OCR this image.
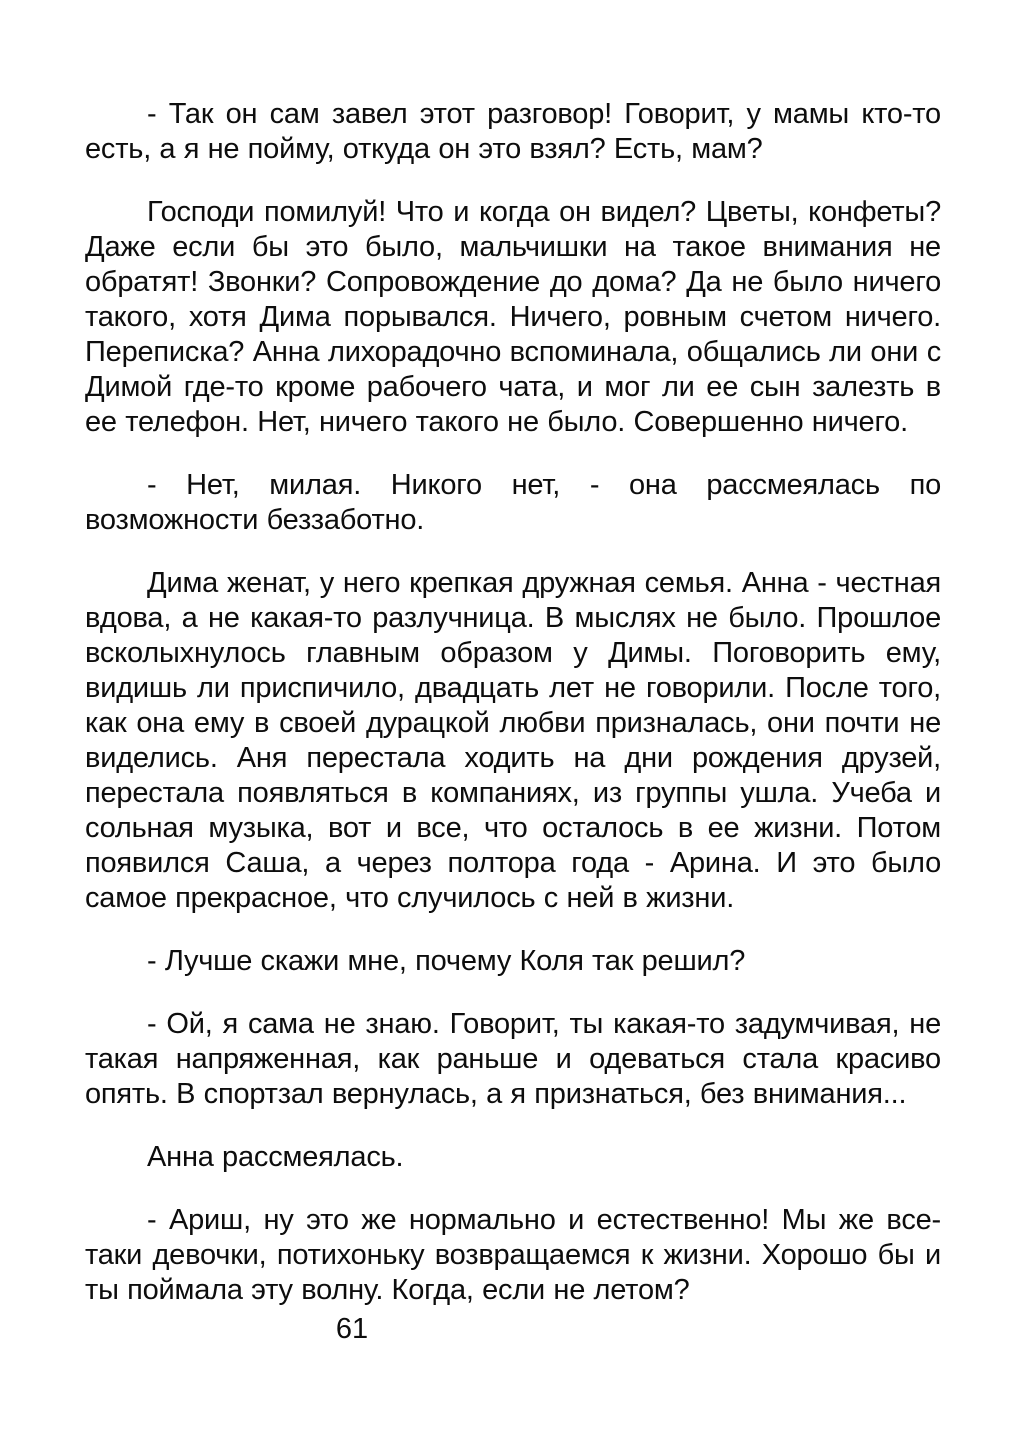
- Так он сам завел этот разговор! Говорит, у мамы кто-то есть, а я не пойму, откуда он это взял? Есть, мам?

Господи помилуй! Что и когда он видел? Цветы, конфеты? Даже если бы это было, мальчишки на такое внимания не обратят! Звонки? Сопровождение до дома? Да не было ничего такого, хотя Дима порывался. Ничего, ровным счетом ничего. Переписка? Анна лихорадочно вспоминала, общались ли они с Димой где-то кроме рабочего чата, и мог ли ее сын залезть в ее телефон. Нет, ничего такого не было. Совершенно ничего.

- Нет, милая. Никого нет, - она рассмеялась по возможности беззаботно.

Дима женат, у него крепкая дружная семья. Анна - честная вдова, а не какая-то разлучница. В мыслях не было. Прошлое всколыхнулось главным образом у Димы. Поговорить ему, видишь ли приспичило, двадцать лет не говорили. После того, как она ему в своей дурацкой любви призналась, они почти не виделись. Аня перестала ходить на дни рождения друзей, перестала появляться в компаниях, из группы ушла. Учеба и сольная музыка, вот и все, что осталось в ее жизни. Потом появился Саша, а через полтора года - Арина. И это было самое прекрасное, что случилось с ней в жизни.

- Лучше скажи мне, почему Коля так решил?

- Ой, я сама не знаю. Говорит, ты какая-то задумчивая, не такая напряженная, как раньше и одеваться стала красиво опять. В спортзал вернулась, а я признаться, без внимания...

Анна рассмеялась.

- Ариш, ну это же нормально и естественно! Мы же все-таки девочки, потихоньку возвращаемся к жизни. Хорошо бы и ты поймала эту волну. Когда, если не летом?

61
